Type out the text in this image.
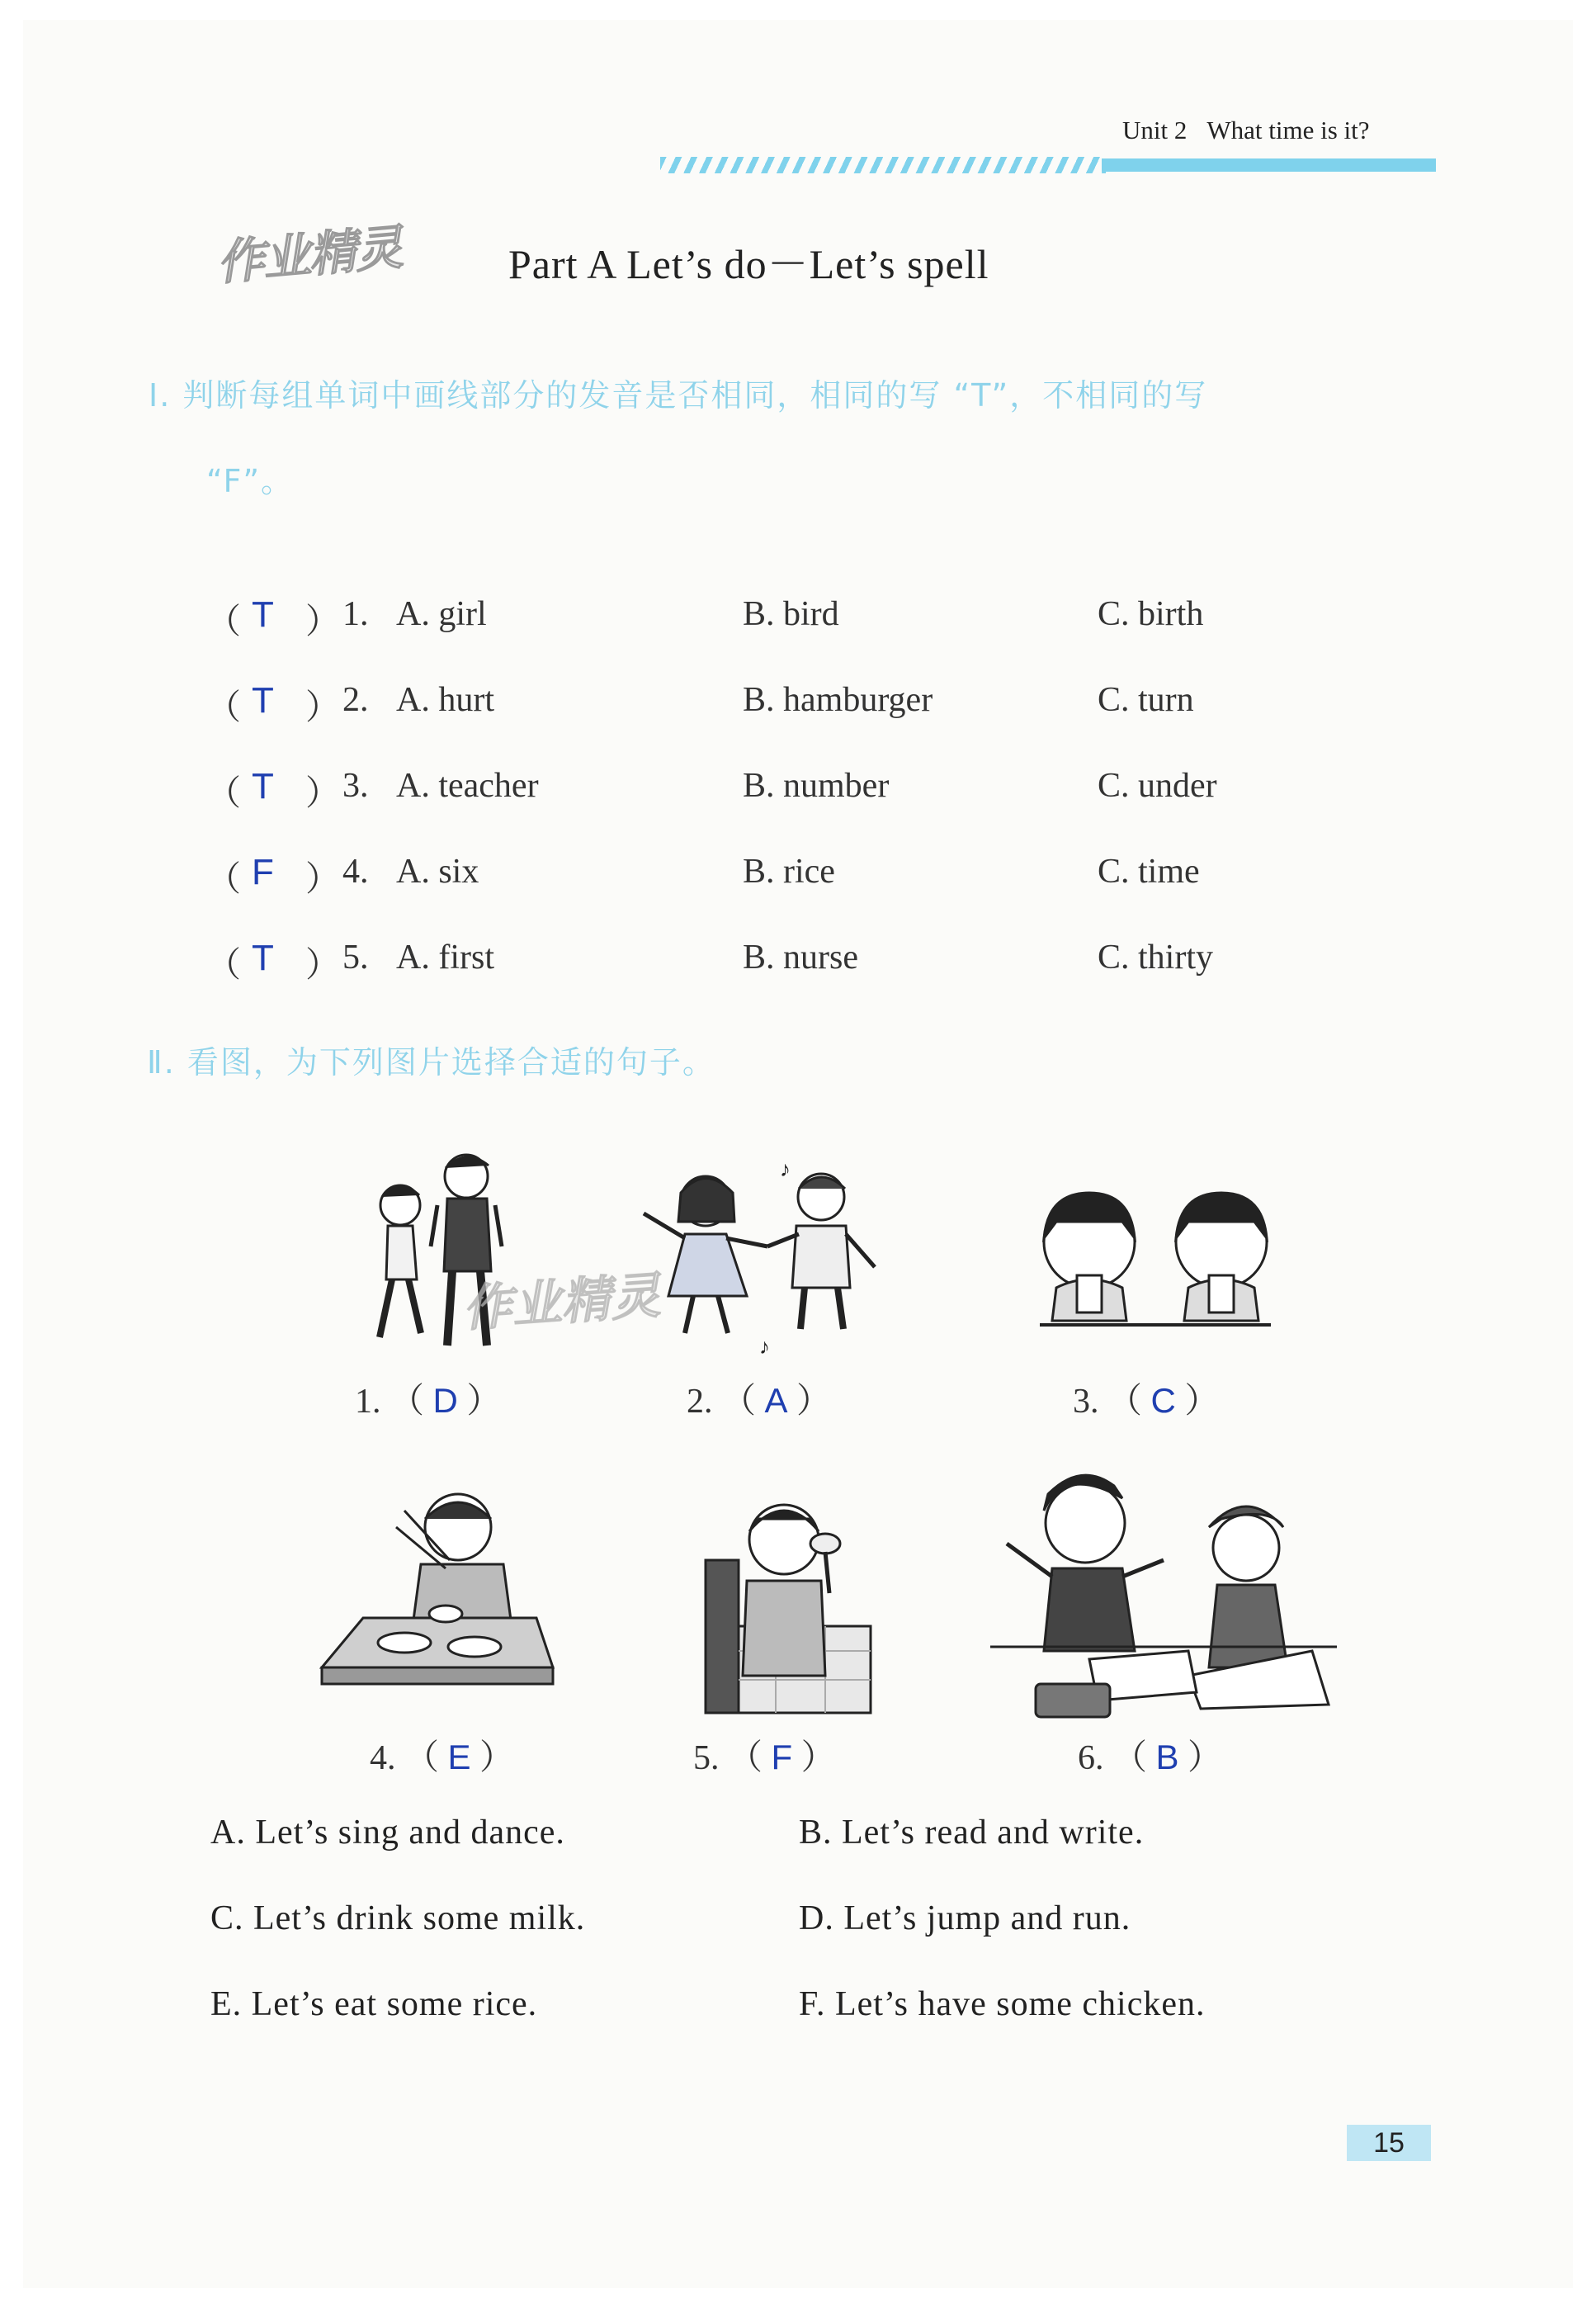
Unit 2 What time is it?
作业精灵	Part A Let’s do－Let’s spell
Ⅰ. 判断每组单词中画线部分的发音是否相同，相同的写 “T”，不相同的写
“F”。
（ T ） 1. A. girl	B. bird	C. birth
（ T ） 2. A. hurt	B. hamburger	C. turn
（ T ） 3. A. teacher	B. number	C. under
（ F ） 4. A. six	B. rice	C. time
（ T ） 5. A. first	B. nurse	C. thirty
Ⅱ. 看图，为下列图片选择合适的句子。
1. （ D ）
♪
♪
2. （ A ）
作业精灵
3. （ C ）
4. （ E ）	5. （ F ）	6. （ B ）
A. Let’s sing and dance.	B. Let’s read and write.
C. Let’s drink some milk.	D. Let’s jump and run.
E. Let’s eat some rice.	F. Let’s have some chicken.
15
